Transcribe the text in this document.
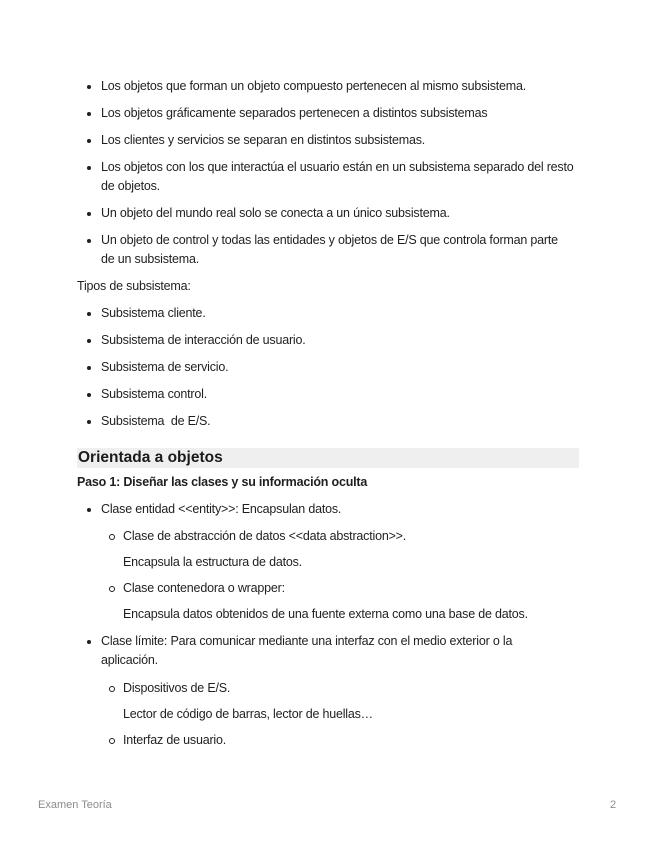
Los objetos que forman un objeto compuesto pertenecen al mismo subsistema.
Los objetos gráficamente separados pertenecen a distintos subsistemas
Los clientes y servicios se separan en distintos subsistemas.
Los objetos con los que interactúa el usuario están en un subsistema separado del resto de objetos.
Un objeto del mundo real solo se conecta a un único subsistema.
Un objeto de control y todas las entidades y objetos de E/S que controla forman parte de un subsistema.
Tipos de subsistema:
Subsistema cliente.
Subsistema de interacción de usuario.
Subsistema de servicio.
Subsistema control.
Subsistema  de E/S.
Orientada a objetos
Paso 1: Diseñar las clases y su información oculta
Clase entidad <<entity>>: Encapsulan datos.
Clase de abstracción de datos <<data abstraction>>.
Encapsula la estructura de datos.
Clase contenedora o wrapper:
Encapsula datos obtenidos de una fuente externa como una base de datos.
Clase límite: Para comunicar mediante una interfaz con el medio exterior o la aplicación.
Dispositivos de E/S.
Lector de código de barras, lector de huellas…
Interfaz de usuario.
Examen Teoría	2
